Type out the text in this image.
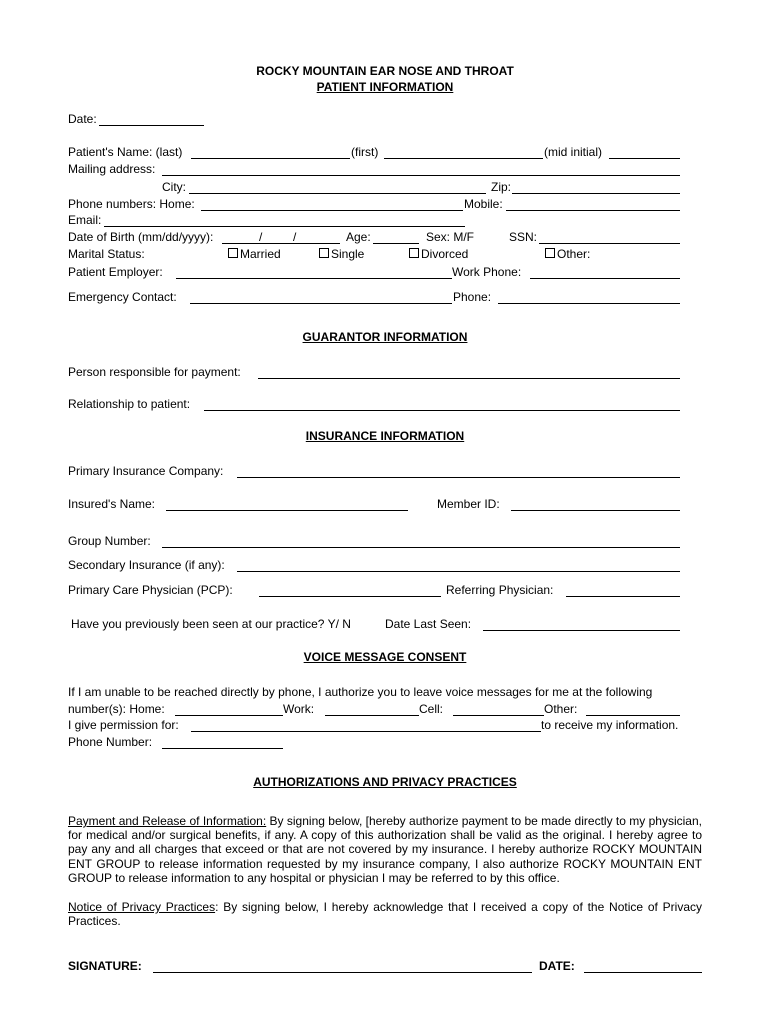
ROCKY MOUNTAIN EAR NOSE AND THROAT
PATIENT INFORMATION
Date:
Patient's Name: (last)	(first)	(mid initial)
Mailing address:
City:	Zip:
Phone numbers: Home:	Mobile:
Email:
Date of Birth (mm/dd/yyyy):	/	/	Age:	Sex: M/F	SSN:
Marital Status:	Married	Single	Divorced	Other:
Patient Employer:	Work Phone:
Emergency Contact:	Phone:
GUARANTOR INFORMATION
Person responsible for payment:
Relationship to patient:
INSURANCE INFORMATION
Primary Insurance Company:
Insured's Name:	Member ID:
Group Number:
Secondary Insurance (if any):
Primary Care Physician (PCP):	Referring Physician:
Have you previously been seen at our practice? Y/ N	Date Last Seen:
VOICE MESSAGE CONSENT
If I am unable to be reached directly by phone, I authorize you to leave voice messages for me at the following
number(s): Home:	Work:	Cell:	Other:
I give permission for:	to receive my information.
Phone Number:
AUTHORIZATIONS AND PRIVACY PRACTICES
Payment and Release of Information: By signing below, [hereby authorize payment to be made directly to my physician, for medical and/or surgical benefits, if any. A copy of this authorization shall be valid as the original. I hereby agree to pay any and all charges that exceed or that are not covered by my insurance. I hereby authorize ROCKY MOUNTAIN ENT GROUP to release information requested by my insurance company, I also authorize ROCKY MOUNTAIN ENT GROUP to release information to any hospital or physician I may be referred to by this office.
Notice of Privacy Practices: By signing below, I hereby acknowledge that I received a copy of the Notice of Privacy Practices.
SIGNATURE:	DATE:
